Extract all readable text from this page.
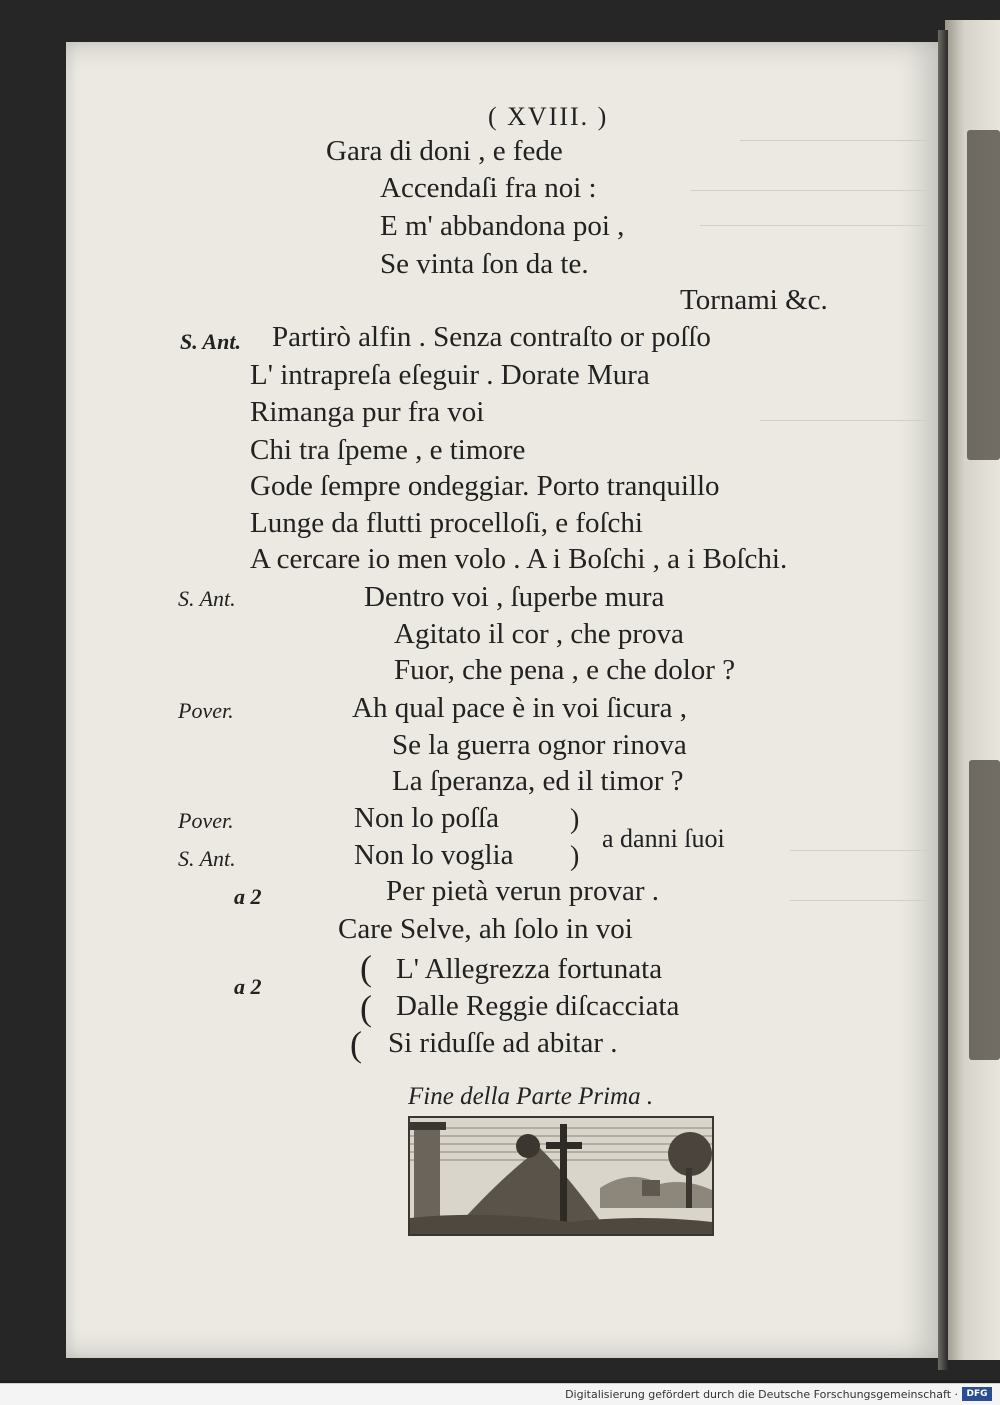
( XVIII. )
Gara di doni , e fede
Accendaſi fra noi :
E m' abbandona poi ,
Se vinta ſon da te.
Tornami &c.
S. Ant. Partirò alfin . Senza contraſto or poſſo
L' intrapreſa eſeguir . Dorate Mura
Rimanga pur fra voi
Chi tra ſpeme , e timore
Gode ſempre ondeggiar. Porto tranquillo
Lunge da flutti procelloſi, e foſchi
A cercare io men volo . A i Boſchi , a i Boſchi.
S. Ant.	Dentro voi , ſuperbe mura
Agitato il cor , che prova
Fuor, che pena , e che dolor ?
Pover.	Ah qual pace è in voi ſicura ,
Se la guerra ognor rinova
La ſperanza, ed il timor ?
Pover.	Non lo poſſa	)
S. Ant.	Non lo voglia )
a danni ſuoi
a 2	Per pietà verun provar .
Care Selve, ah ſolo in voi
a 2	( L' Allegrezza fortunata
( Dalle Reggie diſcacciata
( Si riduſſe ad abitar .
Fine della Parte Prima .
Digitalisierung gefördert durch die Deutsche Forschungsgemeinschaft · DFG
